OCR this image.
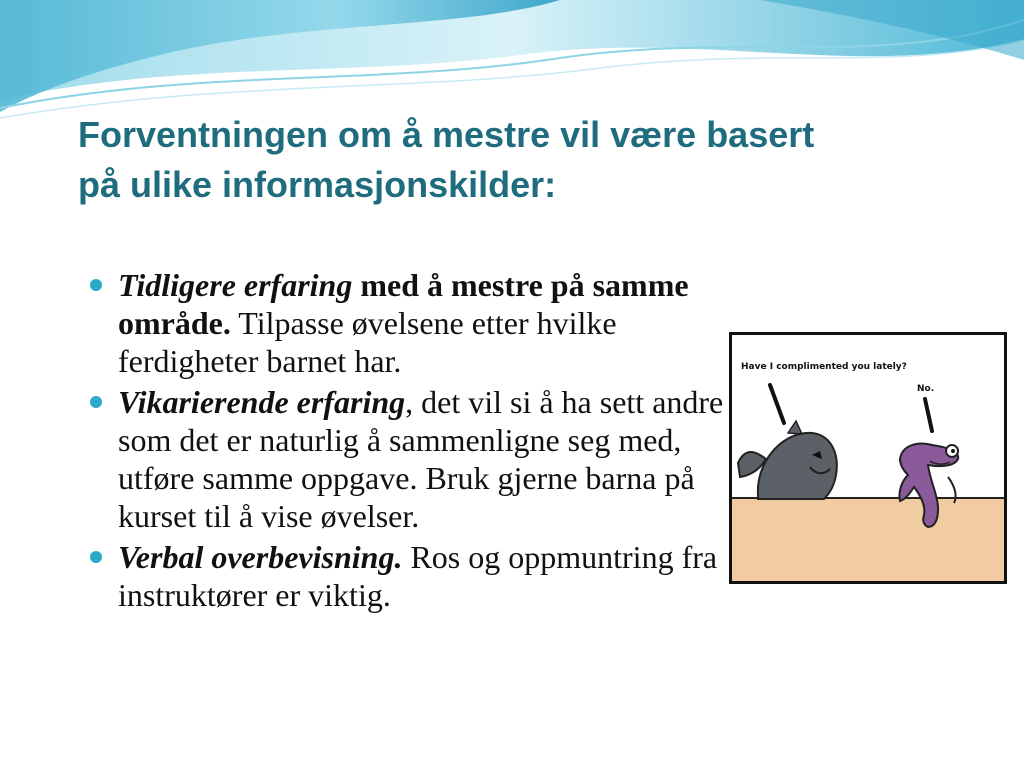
Forventningen om å mestre vil være basert
på ulike informasjonskilder:
Tidligere erfaring med å mestre på samme område. Tilpasse øvelsene etter hvilke ferdigheter barnet har.
Vikarierende erfaring, det vil si å ha sett andre som det er naturlig å sammenligne seg med, utføre samme oppgave. Bruk gjerne barna på kurset til å vise øvelser.
Verbal overbevisning. Ros og oppmuntring fra instruktører er viktig.
Have I complimented you lately?
No.
